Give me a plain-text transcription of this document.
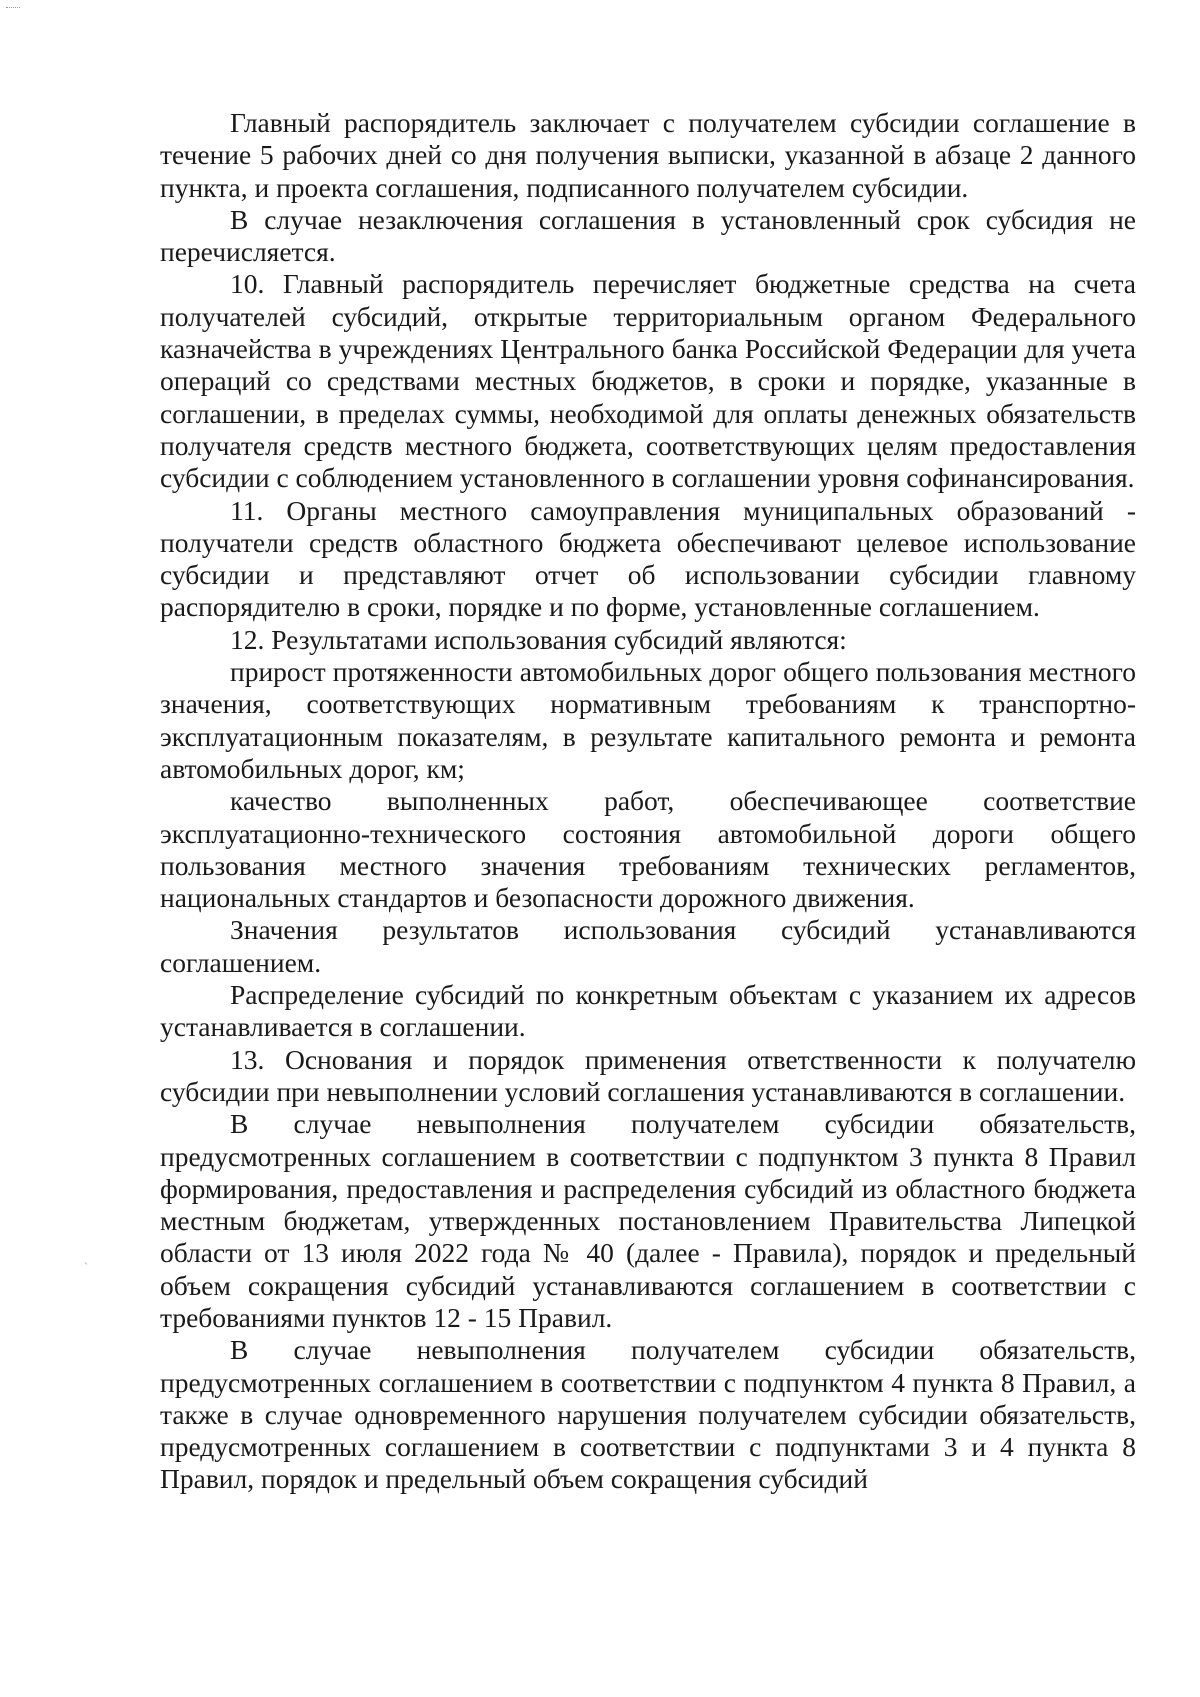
`

Главный распорядитель заключает с получателем субсидии соглашение в течение 5 рабочих дней со дня получения выписки, указанной в абзаце 2 данного пункта, и проекта соглашения, подписанного получателем субсидии.

В случае незаключения соглашения в установленный срок субсидия не перечисляется.

10. Главный распорядитель перечисляет бюджетные средства на счета получателей субсидий, открытые территориальным органом Федерального казначейства в учреждениях Центрального банка Российской Федерации для учета операций со средствами местных бюджетов, в сроки и порядке, указанные в соглашении, в пределах суммы, необходимой для оплаты денежных обязательств получателя средств местного бюджета, соответствующих целям предоставления субсидии с соблюдением установленного в соглашении уровня софинансирования.

11. Органы местного самоуправления муниципальных образований - получатели средств областного бюджета обеспечивают целевое использование субсидии и представляют отчет об использовании субсидии главному распорядителю в сроки, порядке и по форме, установленные соглашением.

12. Результатами использования субсидий являются:

прирост протяженности автомобильных дорог общего пользования местного значения, соответствующих нормативным требованиям к транспортно-эксплуатационным показателям, в результате капитального ремонта и ремонта автомобильных дорог, км;

качество выполненных работ, обеспечивающее соответствие эксплуатационно-технического состояния автомобильной дороги общего пользования местного значения требованиям технических регламентов, национальных стандартов и безопасности дорожного движения.

Значения результатов использования субсидий устанавливаются соглашением.

Распределение субсидий по конкретным объектам с указанием их адресов устанавливается в соглашении.

13. Основания и порядок применения ответственности к получателю субсидии при невыполнении условий соглашения устанавливаются в соглашении.

В случае невыполнения получателем субсидии обязательств, предусмотренных соглашением в соответствии с подпунктом 3 пункта 8 Правил формирования, предоставления и распределения субсидий из областного бюджета местным бюджетам, утвержденных постановлением Правительства Липецкой области от 13 июля 2022 года № 40 (далее - Правила), порядок и предельный объем сокращения субсидий устанавливаются соглашением в соответствии с требованиями пунктов 12 - 15 Правил.

В случае невыполнения получателем субсидии обязательств, предусмотренных соглашением в соответствии с подпунктом 4 пункта 8 Правил, а также в случае одновременного нарушения получателем субсидии обязательств, предусмотренных соглашением в соответствии с подпунктами 3 и 4 пункта 8 Правил, порядок и предельный объем сокращения субсидий
